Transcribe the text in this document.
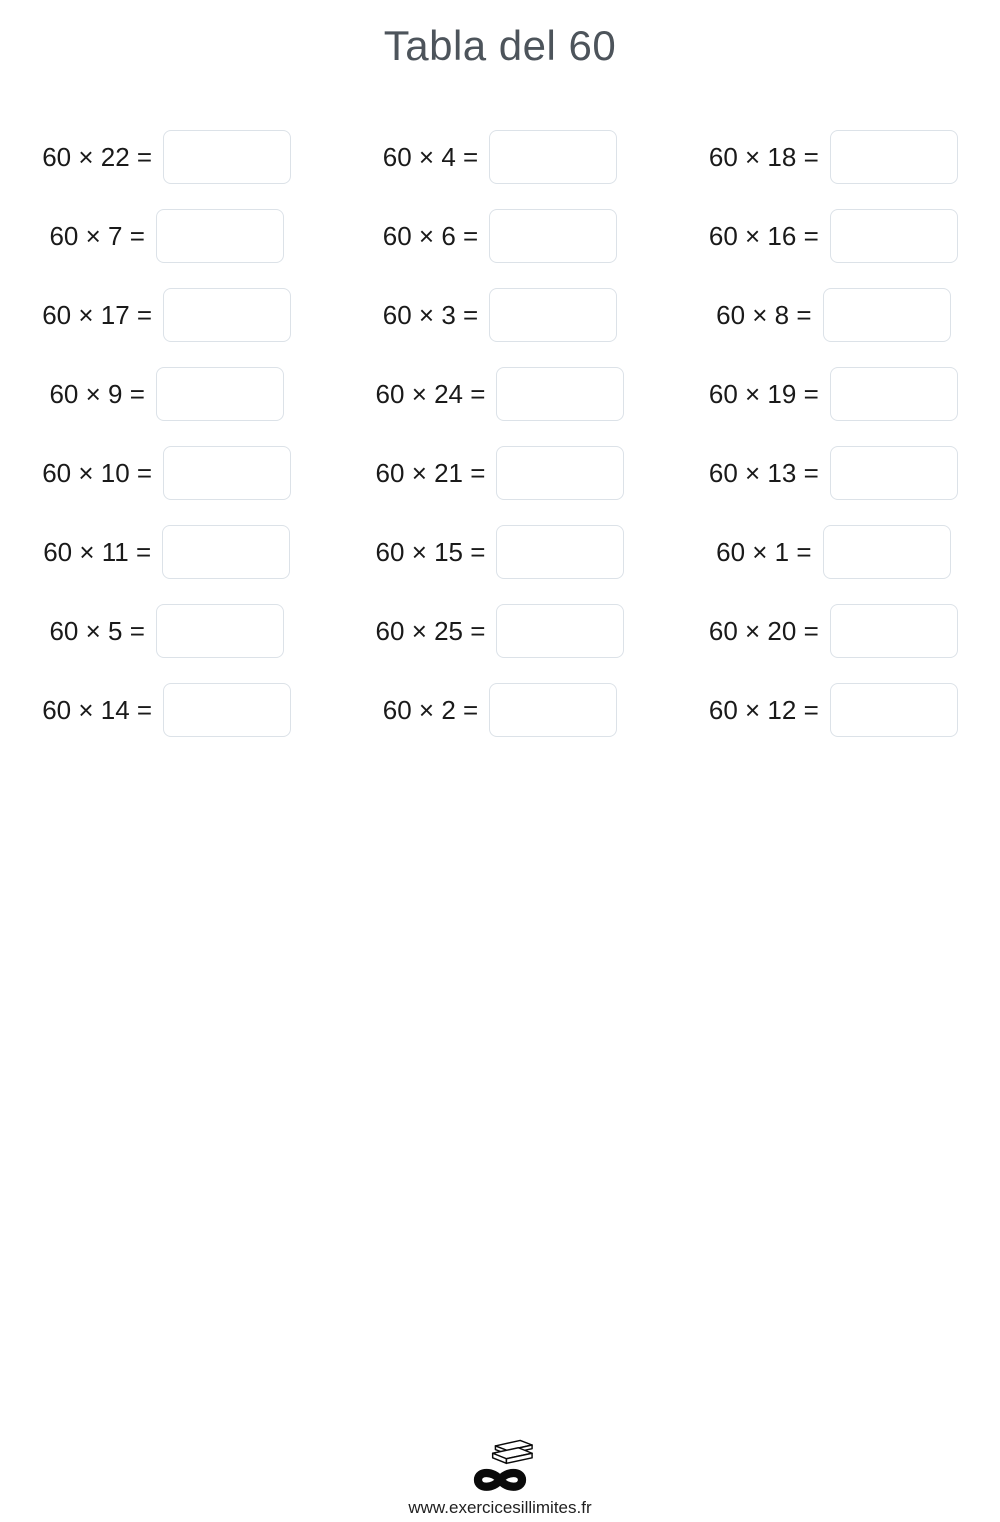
Tabla del 60
60 × 22 =	60 × 4 =	60 × 18 =
60 × 7 =	60 × 6 =	60 × 16 =
60 × 17 =	60 × 3 =	60 × 8 =
60 × 9 =	60 × 24 =	60 × 19 =
60 × 10 =	60 × 21 =	60 × 13 =
60 × 11 =	60 × 15 =	60 × 1 =
60 × 5 =	60 × 25 =	60 × 20 =
60 × 14 =	60 × 2 =	60 × 12 =
www.exercicesillimites.fr
